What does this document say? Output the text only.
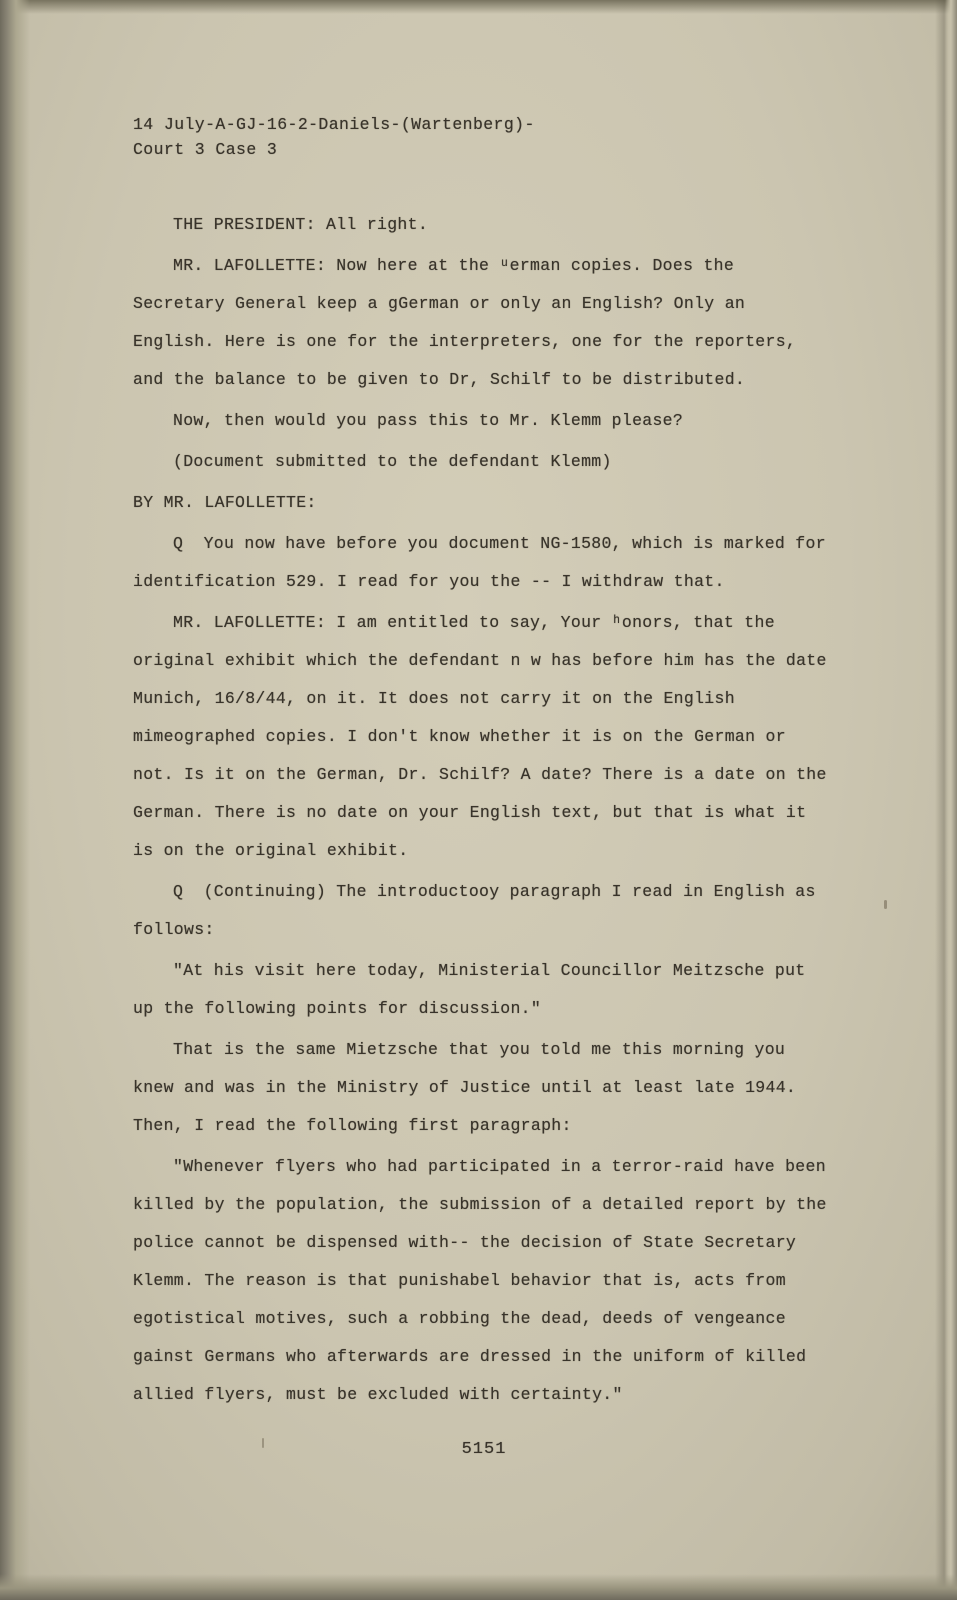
14 July-A-GJ-16-2-Daniels-(Wartenberg)-
Court 3 Case 3

THE PRESIDENT: All right.

MR. LAFOLLETTE: Now here at the ᵘerman copies. Does the Secretary General keep a gGerman or only an English? Only an English. Here is one for the interpreters, one for the reporters, and the balance to be given to Dr, Schilf to be distributed.

Now, then would you pass this to Mr. Klemm please?

(Document submitted to the defendant Klemm)

BY MR. LAFOLLETTE:

Q  You now have before you document NG-1580, which is marked for identification 529. I read for you the -- I withdraw that.

MR. LAFOLLETTE: I am entitled to say, Your ʰonors, that the original exhibit which the defendant n w has before him has the date Munich, 16/8/44, on it. It does not carry it on the English mimeographed copies. I don't know whether it is on the German or not. Is it on the German, Dr. Schilf? A date? There is a date on the German. There is no date on your English text, but that is what it is on the original exhibit.

Q  (Continuing) The introductooy paragraph I read in English as follows:

"At his visit here today, Ministerial Councillor Meitzsche put up the following points for discussion."

That is the same Mietzsche that you told me this morning you knew and was in the Ministry of Justice until at least late 1944. Then, I read the following first paragraph:

"Whenever flyers who had participated in a terror-raid have been killed by the population, the submission of a detailed report by the police cannot be dispensed with-- the decision of State Secretary Klemm. The reason is that punishabel behavior that is, acts from egotistical motives, such a robbing the dead, deeds of vengeance gainst Germans who afterwards are dressed in the uniform of killed allied flyers, must be excluded with certainty."

5151
